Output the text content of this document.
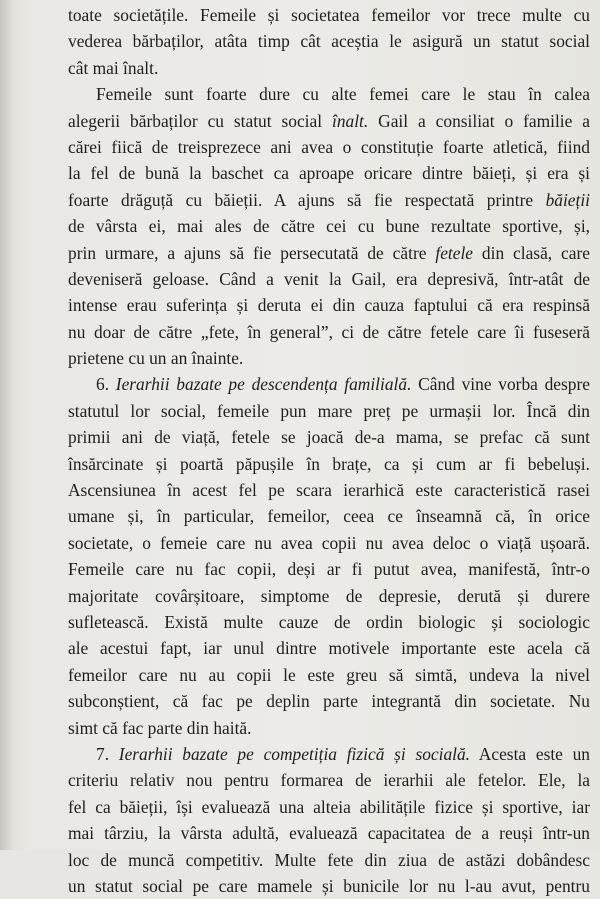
toate societățile. Femeile și societatea femeilor vor trece multe cu
vederea bărbaților, atâta timp cât aceștia le asigură un statut social
cât mai înalt.
Femeile sunt foarte dure cu alte femei care le stau în calea
alegerii bărbaților cu statut social înalt. Gail a consiliat o familie a
cărei fiică de treisprezece ani avea o constituție foarte atletică, fiind
la fel de bună la baschet ca aproape oricare dintre băieți, și era și
foarte drăguță cu băieții. A ajuns să fie respectată printre băieții
de vârsta ei, mai ales de către cei cu bune rezultate sportive, și,
prin urmare, a ajuns să fie persecutată de către fetele din clasă, care
deveniseră geloase. Când a venit la Gail, era depresivă, într-atât de
intense erau suferința și deruta ei din cauza faptului că era respinsă
nu doar de către „fete, în general”, ci de către fetele care îi fuseseră
prietene cu un an înainte.
6. Ierarhii bazate pe descendența familială. Când vine vorba despre
statutul lor social, femeile pun mare preț pe urmașii lor. Încă din
primii ani de viață, fetele se joacă de-a mama, se prefac că sunt
însărcinate și poartă păpușile în brațe, ca și cum ar fi bebeluși.
Ascensiunea în acest fel pe scara ierarhică este caracteristică rasei
umane și, în particular, femeilor, ceea ce înseamnă că, în orice
societate, o femeie care nu avea copii nu avea deloc o viață ușoară.
Femeile care nu fac copii, deși ar fi putut avea, manifestă, într-o
majoritate covârșitoare, simptome de depresie, derută și durere
sufletească. Există multe cauze de ordin biologic și sociologic
ale acestui fapt, iar unul dintre motivele importante este acela că
femeilor care nu au copii le este greu să simtă, undeva la nivel
subconștient, că fac pe deplin parte integrantă din societate. Nu
simt că fac parte din haită.
7. Ierarhii bazate pe competiția fizică și socială. Acesta este un
criteriu relativ nou pentru formarea de ierarhii ale fetelor. Ele, la
fel ca băieții, își evaluează una alteia abilitățile fizice și sportive, iar
mai târziu, la vârsta adultă, evaluează capacitatea de a reuși într-un
loc de muncă competitiv. Multe fete din ziua de astăzi dobândesc
un statut social pe care mamele și bunicile lor nu l-au avut, pentru
